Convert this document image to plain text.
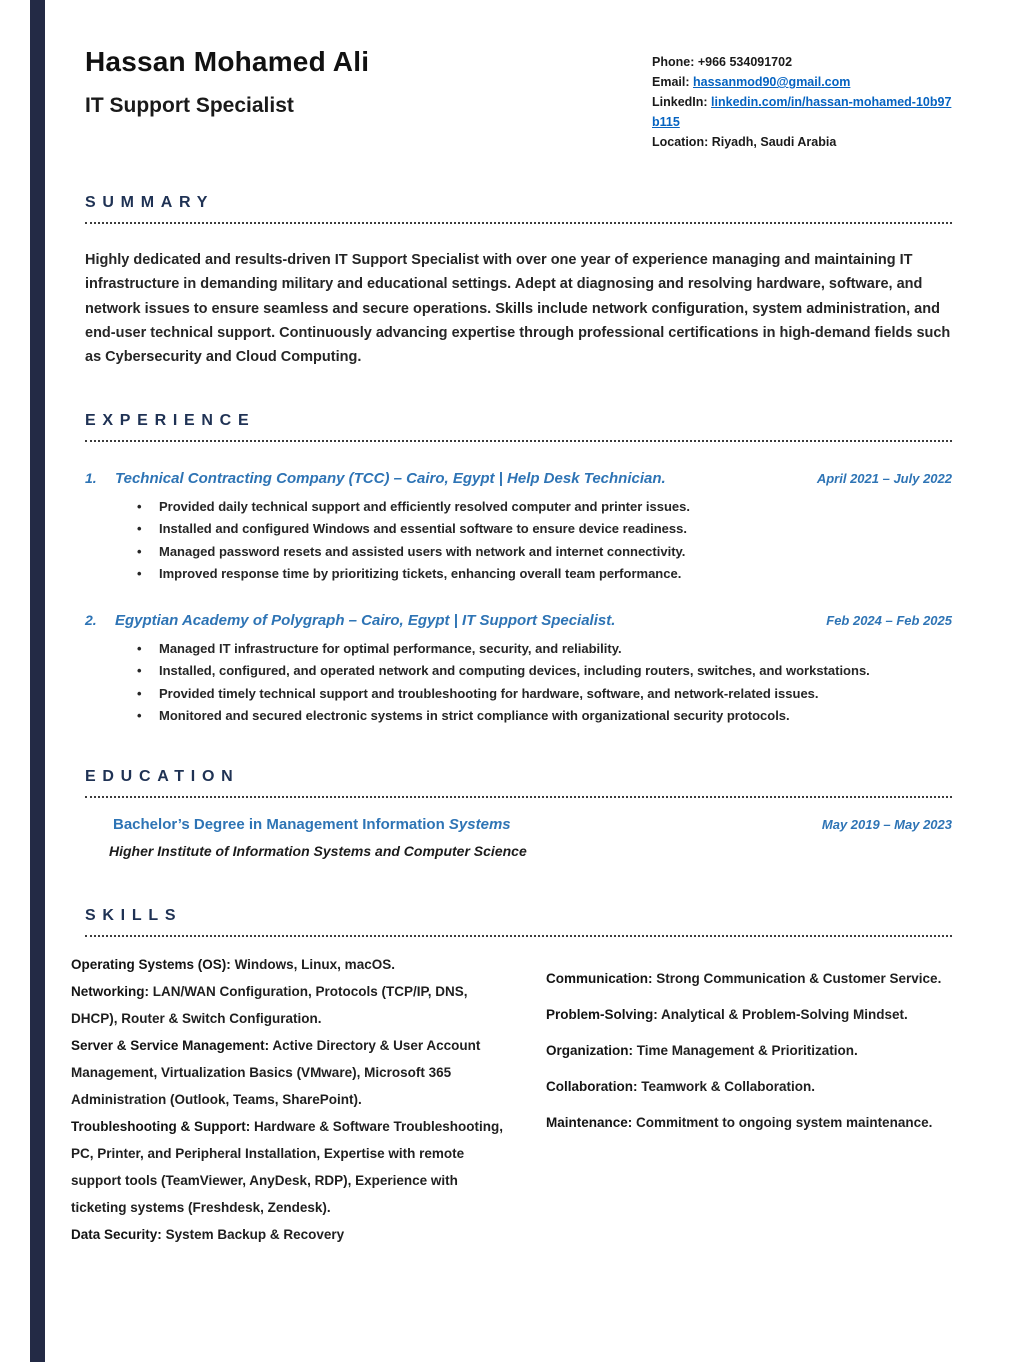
Hassan Mohamed Ali
IT Support Specialist
Phone: +966 534091702
Email: hassanmod90@gmail.com
LinkedIn: linkedin.com/in/hassan-mohamed-10b97b115
Location: Riyadh, Saudi Arabia
SUMMARY

Highly dedicated and results-driven IT Support Specialist with over one year of experience managing and maintaining IT infrastructure in demanding military and educational settings. Adept at diagnosing and resolving hardware, software, and network issues to ensure seamless and secure operations. Skills include network configuration, system administration, and end-user technical support. Continuously advancing expertise through professional certifications in high-demand fields such as Cybersecurity and Cloud Computing.

EXPERIENCE
1.	Technical Contracting Company (TCC) – Cairo, Egypt | Help Desk Technician.	April 2021 – July 2022
• Provided daily technical support and efficiently resolved computer and printer issues.
• Installed and configured Windows and essential software to ensure device readiness.
• Managed password resets and assisted users with network and internet connectivity.
• Improved response time by prioritizing tickets, enhancing overall team performance.
2.	Egyptian Academy of Polygraph – Cairo, Egypt | IT Support Specialist.	Feb 2024 – Feb 2025
• Managed IT infrastructure for optimal performance, security, and reliability.
• Installed, configured, and operated network and computing devices, including routers, switches, and workstations.
• Provided timely technical support and troubleshooting for hardware, software, and network-related issues.
• Monitored and secured electronic systems in strict compliance with organizational security protocols.
EDUCATION
Bachelor’s Degree in Management Information Systems	May 2019 – May 2023
Higher Institute of Information Systems and Computer Science
SKILLS

Operating Systems (OS): Windows, Linux, macOS.

Networking: LAN/WAN Configuration, Protocols (TCP/IP, DNS, DHCP), Router & Switch Configuration.

Server & Service Management: Active Directory & User Account Management, Virtualization Basics (VMware), Microsoft 365 Administration (Outlook, Teams, SharePoint).

Troubleshooting & Support: Hardware & Software Troubleshooting, PC, Printer, and Peripheral Installation, Expertise with remote support tools (TeamViewer, AnyDesk, RDP), Experience with ticketing systems (Freshdesk, Zendesk).

Data Security: System Backup & Recovery

Communication: Strong Communication & Customer Service.

Problem-Solving: Analytical & Problem-Solving Mindset.

Organization: Time Management & Prioritization.

Collaboration: Teamwork & Collaboration.

Maintenance: Commitment to ongoing system maintenance.
